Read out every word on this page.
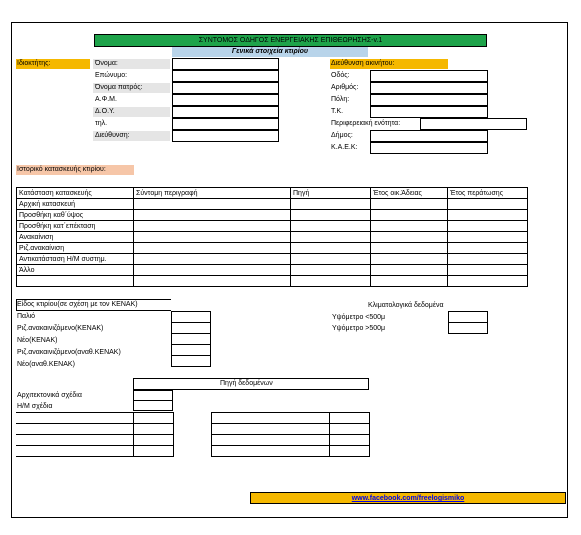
ΣΥΝΤΟΜΟΣ ΟΔΗΓΟΣ ΕΝΕΡΓΕΙΑΚΗΣ ΕΠΙΘΕΩΡΗΣΗΣ-v.1
Γενικά στοιχεία κτιρίου
Ιδιοκτήτης:	Όνομα:
Επώνυμο:
Όνομα πατρός:
Α.Φ.Μ.
Δ.Ο.Υ.
τηλ.
Διεύθυνση:
Διεύθυνση ακινήτου:
Οδός:
Αριθμός:
Πόλη:
Τ.Κ.
Περιφερειακή ενότητα:
Δήμος:
Κ.Α.Ε.Κ:
Ιστορικό κατασκευής κτιρίου:
Κατάσταση κατασκευής	Σύντομη περιγραφή	Πηγή	Έτος οικ.Άδειας	Έτος περάτωσης
Αρχική κατασκευή				
Προσθήκη καθ΄ύψος				
Προσθήκη κατ΄επέκταση				
Ανακαίνιση				
Ριζ.ανακαίνιση				
Αντικατάσταση Η/Μ συστημ.				
Άλλο				

Είδος κτιρίου(σε σχέση με τον ΚΕΝΑΚ)
Παλιό
Ριζ.ανακαινιζόμενο(ΚΕΝΑΚ)
Νέο(ΚΕΝΑΚ)
Ριζ.ανακαινιζόμενο(αναθ.ΚΕΝΑΚ)
Νέο(αναθ.ΚΕΝΑΚ)

Κλιματολογικά δεδομένα
Υψόμετρο <500μ
Υψόμετρο >500μ
Πηγή δεδομένων
Αρχιτεκτονικά σχέδια
Η/Μ σχέδια

www.facebook.com/freelogismiko
